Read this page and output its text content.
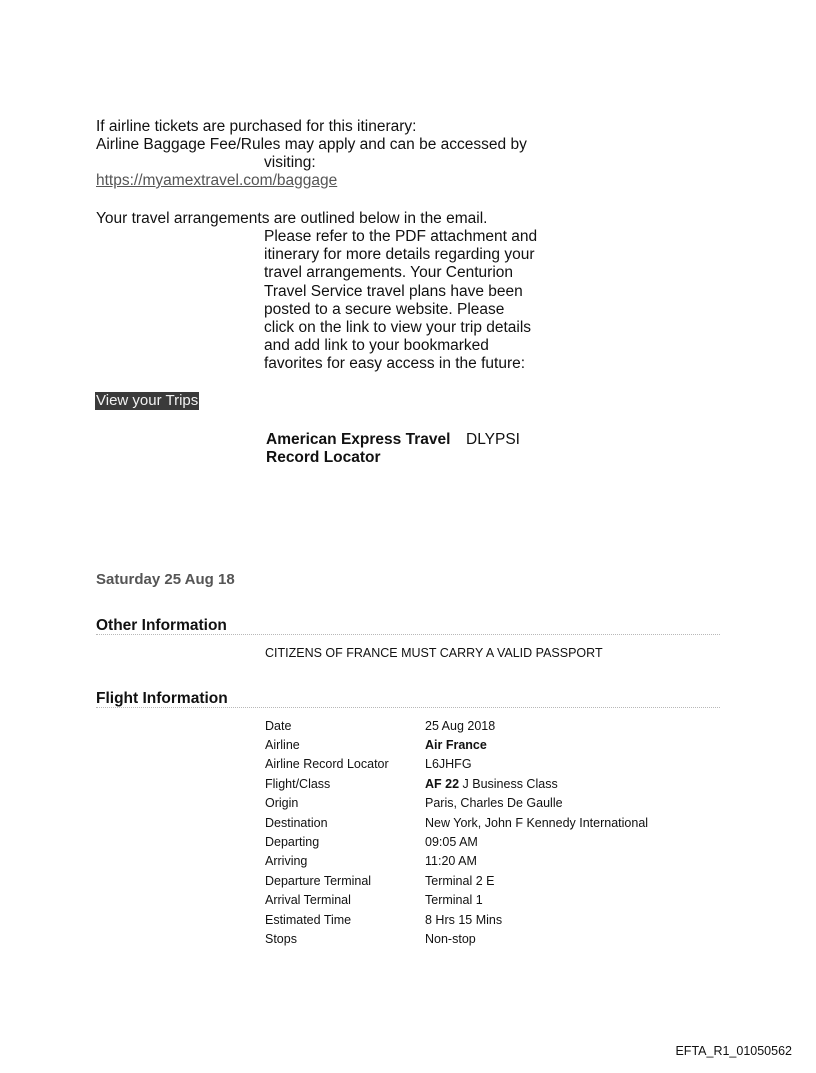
If airline tickets are purchased for this itinerary:
Airline Baggage Fee/Rules may apply and can be accessed by
visiting:
https://myamextravel.com/baggage
Your travel arrangements are outlined below in the email.
Please refer to the PDF attachment and
itinerary for more details regarding your
travel arrangements. Your Centurion
Travel Service travel plans have been
posted to a secure website. Please
click on the link to view your trip details
and add link to your bookmarked
favorites for easy access in the future:
View your Trips
American Express Travel
Record Locator
DLYPSI
Saturday 25 Aug 18
Other Information
CITIZENS OF FRANCE MUST CARRY A VALID PASSPORT
Flight Information
Date	25 Aug 2018
Airline	Air France
Airline Record Locator	L6JHFG
Flight/Class	AF 22 J Business Class
Origin	Paris, Charles De Gaulle
Destination	New York, John F Kennedy International
Departing	09:05 AM
Arriving	11:20 AM
Departure Terminal	Terminal 2 E
Arrival Terminal	Terminal 1
Estimated Time	8 Hrs 15 Mins
Stops	Non-stop
EFTA_R1_01050562
